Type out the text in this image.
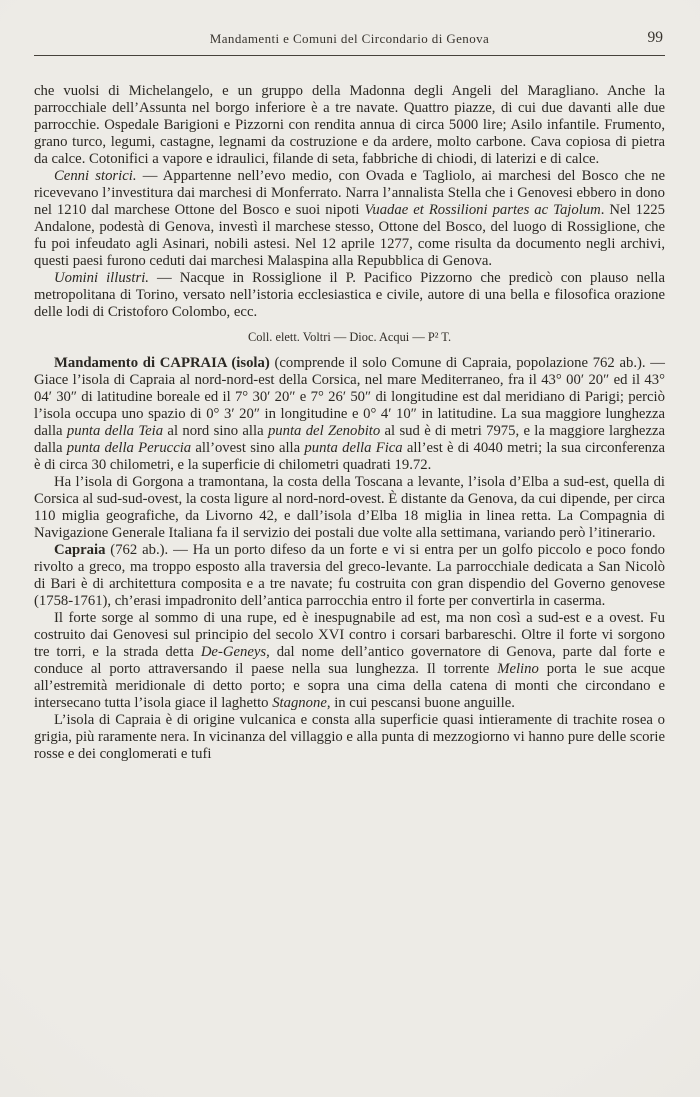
Mandamenti e Comuni del Circondario di Genova	99

che vuolsi di Michelangelo, e un gruppo della Madonna degli Angeli del Maragliano. Anche la parrocchiale dell’Assunta nel borgo inferiore è a tre navate. Quattro piazze, di cui due davanti alle due parrocchie. Ospedale Barigioni e Pizzorni con rendita annua di circa 5000 lire; Asilo infantile. Frumento, grano turco, legumi, castagne, legnami da costruzione e da ardere, molto carbone. Cava copiosa di pietra da calce. Cotonifici a vapore e idraulici, filande di seta, fabbriche di chiodi, di laterizi e di calce.

Cenni storici. — Appartenne nell’evo medio, con Ovada e Tagliolo, ai marchesi del Bosco che ne ricevevano l’investitura dai marchesi di Monferrato. Narra l’annalista Stella che i Genovesi ebbero in dono nel 1210 dal marchese Ottone del Bosco e suoi nipoti Vuadae et Rossilioni partes ac Tajolum. Nel 1225 Andalone, podestà di Genova, investì il marchese stesso, Ottone del Bosco, del luogo di Rossiglione, che fu poi infeudato agli Asinari, nobili astesi. Nel 12 aprile 1277, come risulta da documento negli archivi, questi paesi furono ceduti dai marchesi Malaspina alla Repubblica di Genova.

Uomini illustri. — Nacque in Rossiglione il P. Pacifico Pizzorno che predicò con plauso nella metropolitana di Torino, versato nell’istoria ecclesiastica e civile, autore di una bella e filosofica orazione delle lodi di Cristoforo Colombo, ecc.

Coll. elett. Voltri — Dioc. Acqui — P² T.

Mandamento di CAPRAIA (isola) (comprende il solo Comune di Capraia, popolazione 762 ab.). — Giace l’isola di Capraia al nord-nord-est della Corsica, nel mare Mediterraneo, fra il 43° 00′ 20″ ed il 43° 04′ 30″ di latitudine boreale ed il 7° 30′ 20″ e 7° 26′ 50″ di longitudine est dal meridiano di Parigi; perciò l’isola occupa uno spazio di 0° 3′ 20″ in longitudine e 0° 4′ 10″ in latitudine. La sua maggiore lunghezza dalla punta della Teia al nord sino alla punta del Zenobito al sud è di metri 7975, e la maggiore larghezza dalla punta della Peruccia all’ovest sino alla punta della Fica all’est è di 4040 metri; la sua circonferenza è di circa 30 chilometri, e la superficie di chilometri quadrati 19.72.

Ha l’isola di Gorgona a tramontana, la costa della Toscana a levante, l’isola d’Elba a sud-est, quella di Corsica al sud-sud-ovest, la costa ligure al nord-nord-ovest. È distante da Genova, da cui dipende, per circa 110 miglia geografiche, da Livorno 42, e dall’isola d’Elba 18 miglia in linea retta. La Compagnia di Navigazione Generale Italiana fa il servizio dei postali due volte alla settimana, variando però l’itinerario.

Capraia (762 ab.). — Ha un porto difeso da un forte e vi si entra per un golfo piccolo e poco fondo rivolto a greco, ma troppo esposto alla traversia del greco-levante. La parrocchiale dedicata a San Nicolò di Bari è di architettura composita e a tre navate; fu costruita con gran dispendio del Governo genovese (1758-1761), ch’erasi impadronito dell’antica parrocchia entro il forte per convertirla in caserma.

Il forte sorge al sommo di una rupe, ed è inespugnabile ad est, ma non così a sud-est e a ovest. Fu costruito dai Genovesi sul principio del secolo XVI contro i corsari barbareschi. Oltre il forte vi sorgono tre torri, e la strada detta De-Geneys, dal nome dell’antico governatore di Genova, parte dal forte e conduce al porto attraversando il paese nella sua lunghezza. Il torrente Melino porta le sue acque all’estremità meridionale di detto porto; e sopra una cima della catena di monti che circondano e intersecano tutta l’isola giace il laghetto Stagnone, in cui pescansi buone anguille.

L’isola di Capraia è di origine vulcanica e consta alla superficie quasi intieramente di trachite rosea o grigia, più raramente nera. In vicinanza del villaggio e alla punta di mezzogiorno vi hanno pure delle scorie rosse e dei conglomerati e tufi
